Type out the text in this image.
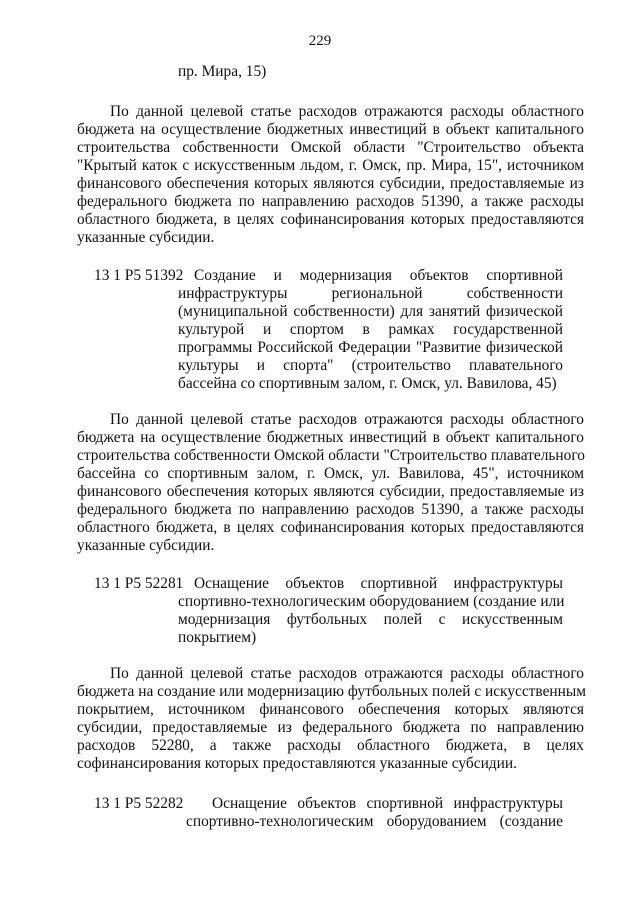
229
пр. Мира, 15)
По данной целевой статье расходов отражаются расходы областного
бюджета на осуществление бюджетных инвестиций в объект капитального
строительства собственности Омской области "Строительство объекта
"Крытый каток с искусственным льдом, г. Омск, пр. Мира, 15", источником
финансового обеспечения которых являются субсидии, предоставляемые из
федерального бюджета по направлению расходов 51390, а также расходы
областного бюджета, в целях софинансирования которых предоставляются
указанные субсидии.
13 1 P5 51392 Создание и модернизация объектов спортивной
инфраструктуры региональной собственности
(муниципальной собственности) для занятий физической
культурой и спортом в рамках государственной
программы Российской Федерации "Развитие физической
культуры и спорта" (строительство плавательного
бассейна со спортивным залом, г. Омск, ул. Вавилова, 45)
По данной целевой статье расходов отражаются расходы областного
бюджета на осуществление бюджетных инвестиций в объект капитального
строительства собственности Омской области "Строительство плавательного
бассейна со спортивным залом, г. Омск, ул. Вавилова, 45", источником
финансового обеспечения которых являются субсидии, предоставляемые из
федерального бюджета по направлению расходов 51390, а также расходы
областного бюджета, в целях софинансирования которых предоставляются
указанные субсидии.
13 1 P5 52281 Оснащение объектов спортивной инфраструктуры
спортивно-технологическим оборудованием (создание или
модернизация футбольных полей с искусственным
покрытием)
По данной целевой статье расходов отражаются расходы областного
бюджета на создание или модернизацию футбольных полей с искусственным
покрытием, источником финансового обеспечения которых являются
субсидии, предоставляемые из федерального бюджета по направлению
расходов 52280, а также расходы областного бюджета, в целях
софинансирования которых предоставляются указанные субсидии.
13 1 P5 52282 Оснащение объектов спортивной инфраструктуры
спортивно-технологическим оборудованием (создание
